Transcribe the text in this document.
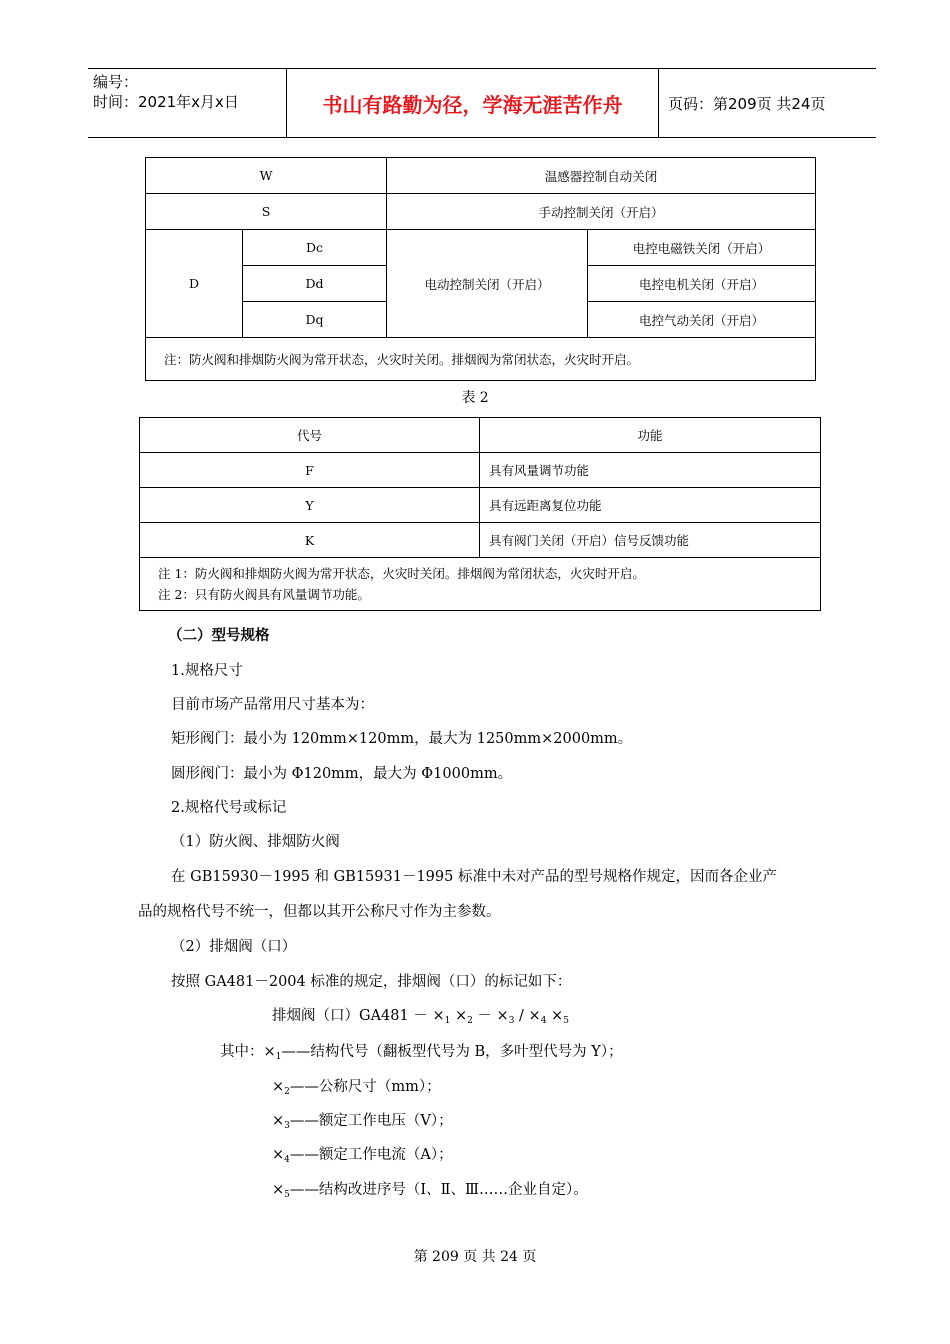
编号：
时间：2021年x月x日	书山有路勤为径，学海无涯苦作舟	页码：第209页 共24页
W		温感器控制自动关闭	
S		手动控制关闭（开启）	
D	Dc	电动控制关闭（开启）	电控电磁铁关闭（开启）
	Dd		电控电机关闭（开启）
	Dq		电控气动关闭（开启）
注：防火阀和排烟防火阀为常开状态，火灾时关闭。排烟阀为常闭状态，火灾时开启。			
表 2
代号	功能
F	具有风量调节功能
Y	具有远距离复位功能
K	具有阀门关闭（开启）信号反馈功能

注 1：防火阀和排烟防火阀为常开状态，火灾时关闭。排烟阀为常闭状态，火灾时开启。
注 2：只有防火阀具有风量调节功能。	
（二）型号规格
1.规格尺寸
目前市场产品常用尺寸基本为：
矩形阀门：最小为 120mm×120mm，最大为 1250mm×2000mm。
圆形阀门：最小为 Φ120mm，最大为 Φ1000mm。
2.规格代号或标记
（1）防火阀、排烟防火阀
在 GB15930－1995 和 GB15931－1995 标准中未对产品的型号规格作规定，因而各企业产
品的规格代号不统一，但都以其开公称尺寸作为主参数。
（2）排烟阀（口）
按照 GA481－2004 标准的规定，排烟阀（口）的标记如下：
排烟阀（口）$GA481 - \times_1 \times_2 - \times_3 / \times_4 \times_5$
其中：$\times_1——$结构代号（翻板型代号为 B，多叶型代号为 Y）；
$\times_2——$公称尺寸（mm）；
$\times_3——$额定工作电压（V）；
$\times_4——$额定工作电流（A）；
$\times_5——$结构改进序号（Ⅰ、Ⅱ、Ⅲ……企业自定）。
第 209 页 共 24 页
